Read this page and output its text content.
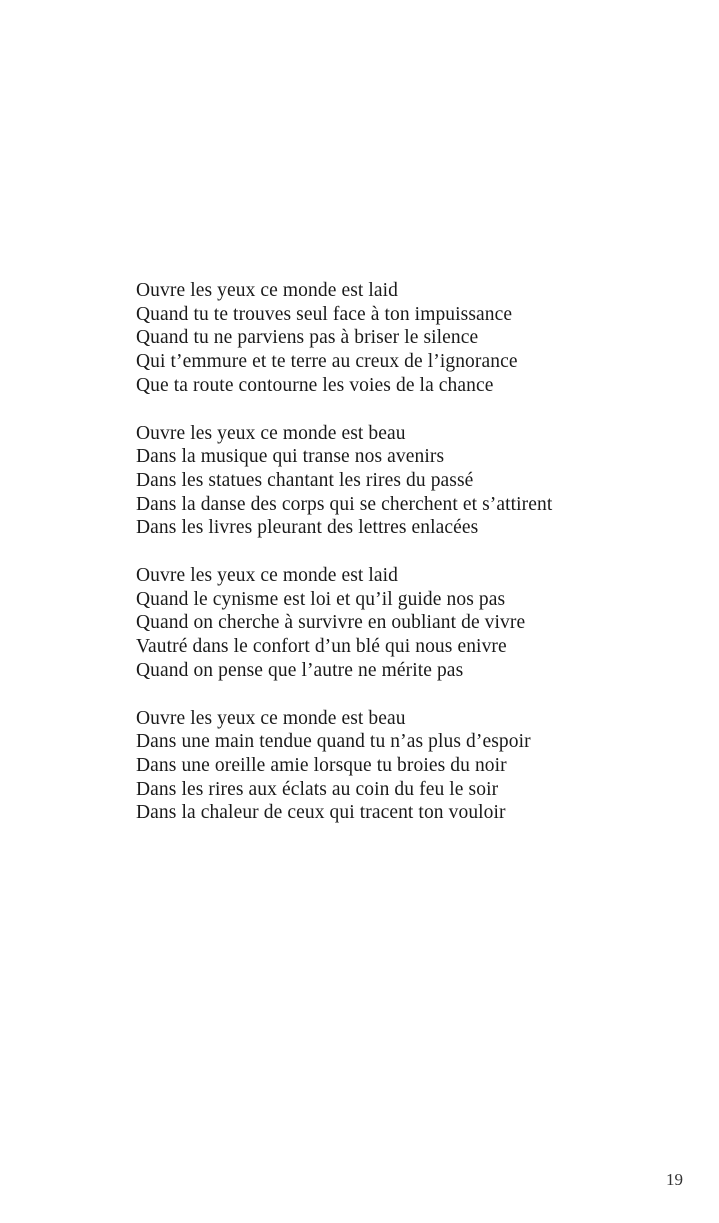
Ouvre les yeux ce monde est laid
Quand tu te trouves seul face à ton impuissance
Quand tu ne parviens pas à briser le silence
Qui t’emmure et te terre au creux de l’ignorance
Que ta route contourne les voies de la chance
Ouvre les yeux ce monde est beau
Dans la musique qui transe nos avenirs
Dans les statues chantant les rires du passé
Dans la danse des corps qui se cherchent et s’attirent
Dans les livres pleurant des lettres enlacées
Ouvre les yeux ce monde est laid
Quand le cynisme est loi et qu’il guide nos pas
Quand on cherche à survivre en oubliant de vivre
Vautré dans le confort d’un blé qui nous enivre
Quand on pense que l’autre ne mérite pas
Ouvre les yeux ce monde est beau
Dans une main tendue quand tu n’as plus d’espoir
Dans une oreille amie lorsque tu broies du noir
Dans les rires aux éclats au coin du feu le soir
Dans la chaleur de ceux qui tracent ton vouloir
19
